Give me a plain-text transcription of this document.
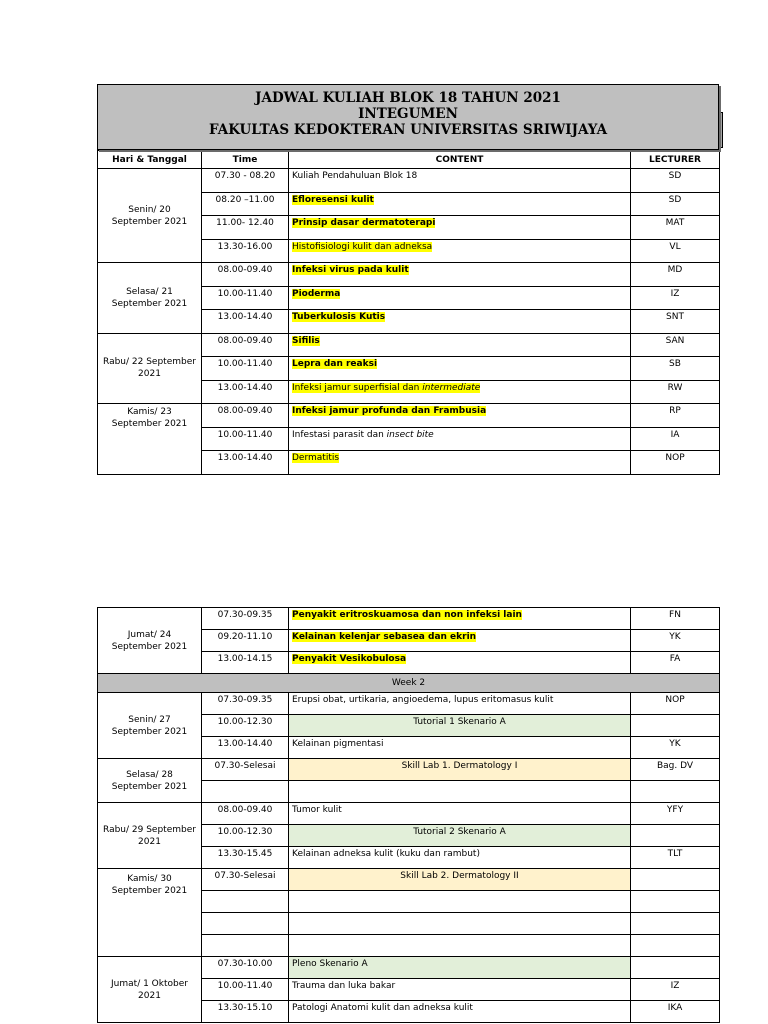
JADWAL KULIAH BLOK 18 TAHUN 2021
INTEGUMEN
FAKULTAS KEDOKTERAN UNIVERSITAS SRIWIJAYA
Hari & Tanggal	Time	CONTENT	LECTURER
Senin/ 20 September 2021	07.30 - 08.20	Kuliah Pendahuluan Blok 18	SD
	08.20 –11.00	Efloresensi kulit	SD
	11.00- 12.40	Prinsip dasar dermatoterapi	MAT
	13.30-16.00	Histofisiologi kulit dan adneksa	VL
Selasa/ 21 September 2021	08.00-09.40	Infeksi virus pada kulit	MD
	10.00-11.40	Pioderma	IZ
	13.00-14.40	Tuberkulosis Kutis	SNT
Rabu/ 22 September 2021	08.00-09.40	Sifilis	SAN
	10.00-11.40	Lepra dan reaksi	SB
	13.00-14.40	Infeksi jamur superfisial dan intermediate	RW
Kamis/ 23 September 2021	08.00-09.40	Infeksi jamur profunda dan Frambusia	RP
	10.00-11.40	Infestasi parasit dan insect bite	IA
	13.00-14.40	Dermatitis	NOP
Jumat/ 24 September 2021	07.30-09.35	Penyakit eritroskuamosa dan non infeksi lain	FN
	09.20-11.10	Kelainan kelenjar sebasea dan ekrin	YK
	13.00-14.15	Penyakit Vesikobulosa	FA
Week 2			
Senin/ 27 September 2021	07.30-09.35	Erupsi obat, urtikaria, angioedema, lupus eritomasus kulit	NOP
	10.00-12.30	Tutorial 1 Skenario A	
	13.00-14.40	Kelainan pigmentasi	YK
Selasa/ 28 September 2021	07.30-Selesai	Skill Lab 1. Dermatology I	Bag. DV

Rabu/ 29 September 2021	08.00-09.40	Tumor kulit	YFY
	10.00-12.30	Tutorial 2 Skenario A	
	13.30-15.45	Kelainan adneksa kulit (kuku dan rambut)	TLT
Kamis/ 30 September 2021	07.30-Selesai	Skill Lab 2. Dermatology II	

Jumat/ 1 Oktober 2021	07.30-10.00	Pleno Skenario A	
	10.00-11.40	Trauma dan luka bakar	IZ
	13.30-15.10	Patologi Anatomi kulit dan adneksa kulit	IKA
